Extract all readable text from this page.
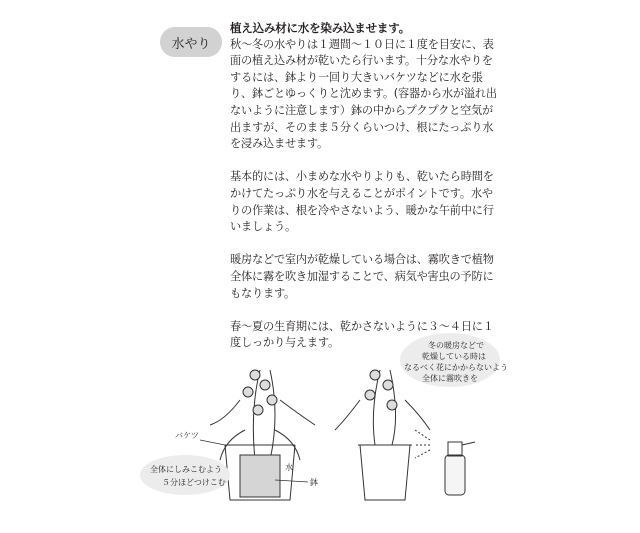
水やり

植え込み材に水を染み込ませます。

秋〜冬の水やりは１週間〜１０日に１度を目安に、表面の植え込み材が乾いたら行います。十分な水やりをするには、鉢より一回り大きいバケツなどに水を張り、鉢ごとゆっくりと沈めます。(容器から水が溢れ出ないように注意します）鉢の中からプクプクと空気が出ますが、そのまま５分くらいつけ、根にたっぷり水を浸み込ませます。

基本的には、小まめな水やりよりも、乾いたら時間をかけてたっぷり水を与えることがポイントです。水やりの作業は、根を冷やさないよう、暖かな午前中に行いましょう。

暖房などで室内が乾燥している場合は、霧吹きで植物全体に霧を吹き加湿することで、病気や害虫の予防にもなります。

春〜夏の生育期には、乾かさないように３〜４日に１度しっかり与えます。

バケツ
水
鉢
全体にしみこむよう
５分ほどつけこむ
冬の暖房などで
乾燥している時は
なるべく花にかからないよう
全体に霧吹きを
